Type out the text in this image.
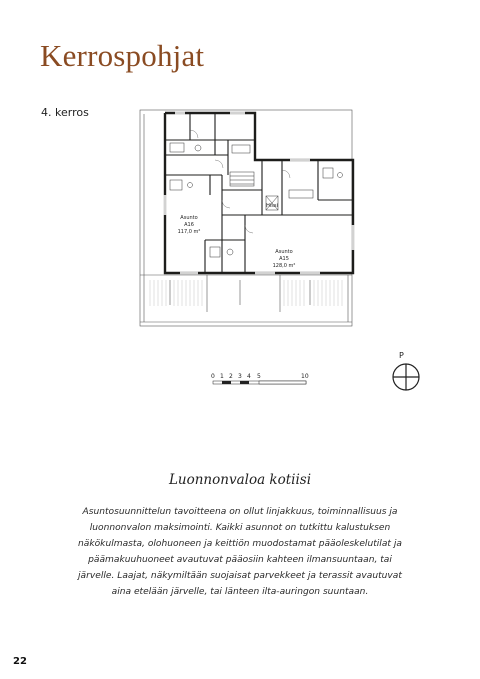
Kerrospohjat
4. kerros
Asunto
A16
117,0 m²
Asunto
A15
128,0 m²
Hissi
0 1 2 3 4 5	10
P
Luonnonvaloa kotiisi
Asuntosuunnittelun tavoitteena on ollut linjakkuus, toiminnallisuus ja luonnonvalon maksimointi. Kaikki asunnot on tutkittu kalustuksen näkökulmasta, olohuoneen ja keittiön muodostamat pääoleskelutilat ja päämakuuhuoneet avautuvat pääosiin kahteen ilmansuuntaan, tai järvelle. Laajat, näkymiltään suojaisat parvekkeet ja terassit avautuvat aina etelään järvelle, tai länteen ilta-auringon suuntaan.
22
